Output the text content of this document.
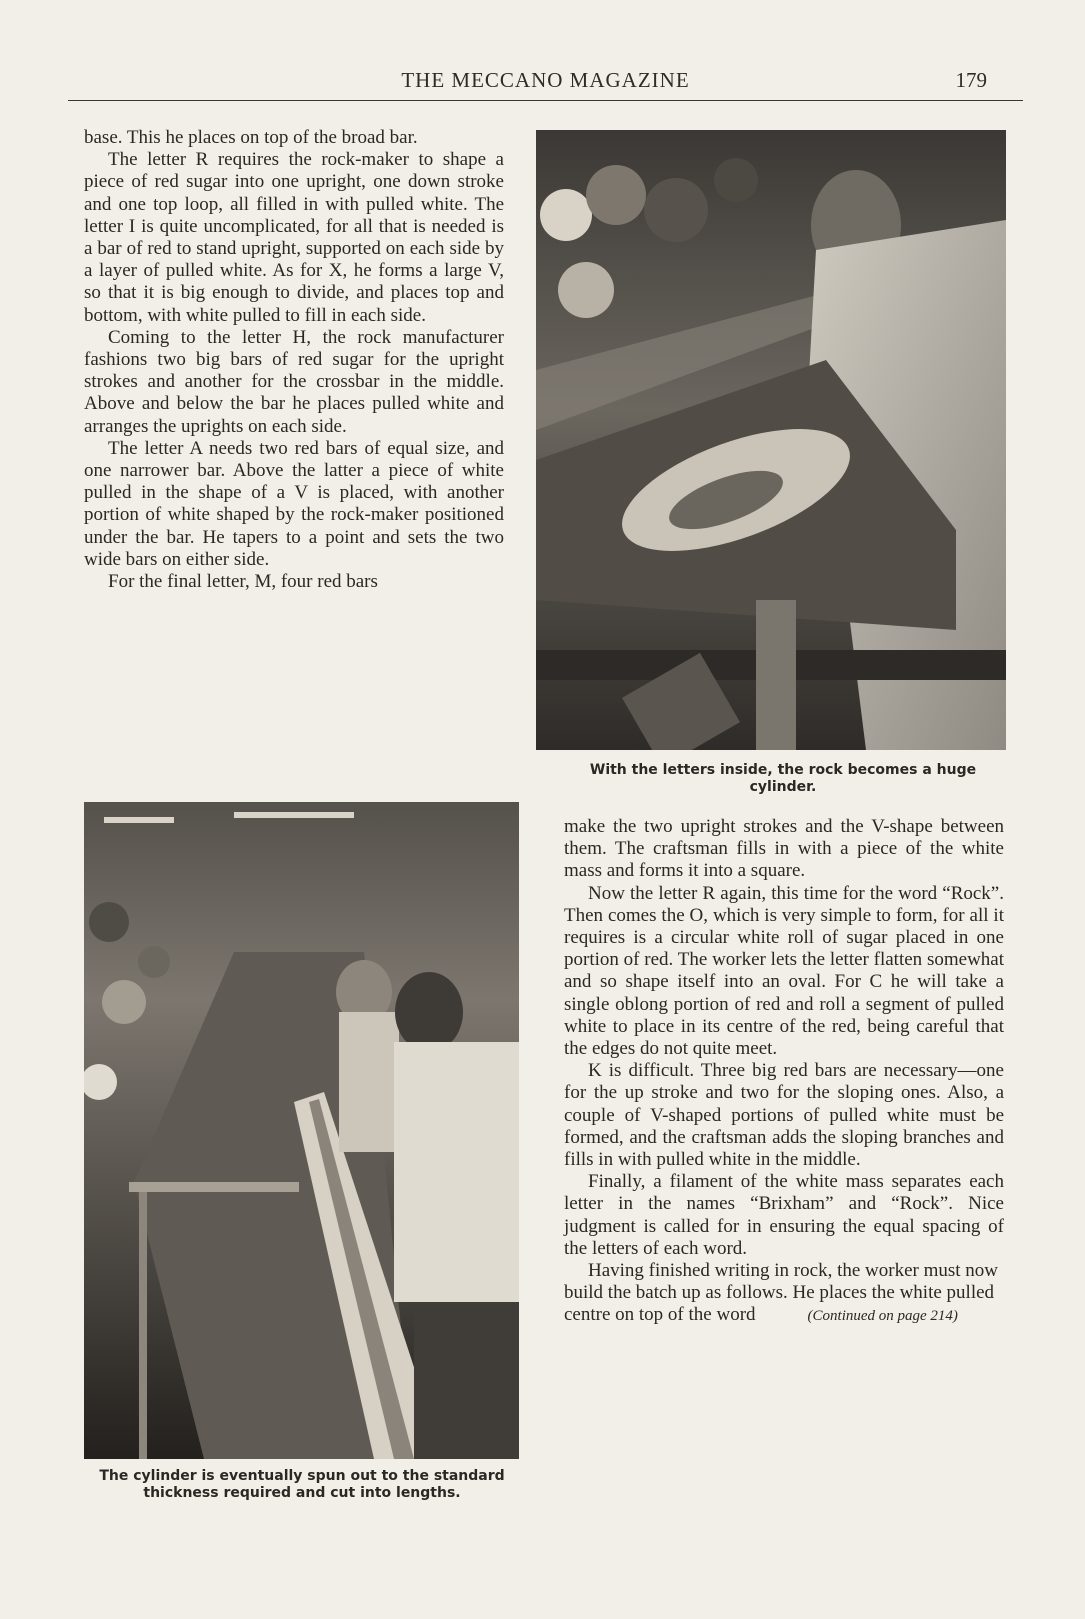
THE MECCANO MAGAZINE	179

base. This he places on top of the broad bar.

The letter R requires the rock-maker to shape a piece of red sugar into one upright, one down stroke and one top loop, all filled in with pulled white. The letter I is quite uncomplicated, for all that is needed is a bar of red to stand upright, supported on each side by a layer of pulled white. As for X, he forms a large V, so that it is big enough to divide, and places top and bottom, with white pulled to fill in each side.

Coming to the letter H, the rock manufacturer fashions two big bars of red sugar for the upright strokes and another for the crossbar in the middle. Above and below the bar he places pulled white and arranges the uprights on each side.

The letter A needs two red bars of equal size, and one narrower bar. Above the latter a piece of white pulled in the shape of a V is placed, with another portion of white shaped by the rock-maker positioned under the bar. He tapers to a point and sets the two wide bars on either side.

For the final letter, M, four red bars

With the letters inside, the rock becomes a huge cylinder.
The cylinder is eventually spun out to the standard thickness required and cut into lengths.

make the two upright strokes and the V-shape between them. The craftsman fills in with a piece of the white mass and forms it into a square.

Now the letter R again, this time for the word “Rock”. Then comes the O, which is very simple to form, for all it requires is a circular white roll of sugar placed in one portion of red. The worker lets the letter flatten somewhat and so shape itself into an oval. For C he will take a single oblong portion of red and roll a segment of pulled white to place in its centre of the red, being careful that the edges do not quite meet.

K is difficult. Three big red bars are necessary—one for the up stroke and two for the sloping ones. Also, a couple of V-shaped portions of pulled white must be formed, and the craftsman adds the sloping branches and fills in with pulled white in the middle.

Finally, a filament of the white mass separates each letter in the names “Brixham” and “Rock”. Nice judgment is called for in ensuring the equal spacing of the letters of each word.

Having finished writing in rock, the worker must now build the batch up as follows. He places the white pulled centre on top of the word	(Continued on page 214)
